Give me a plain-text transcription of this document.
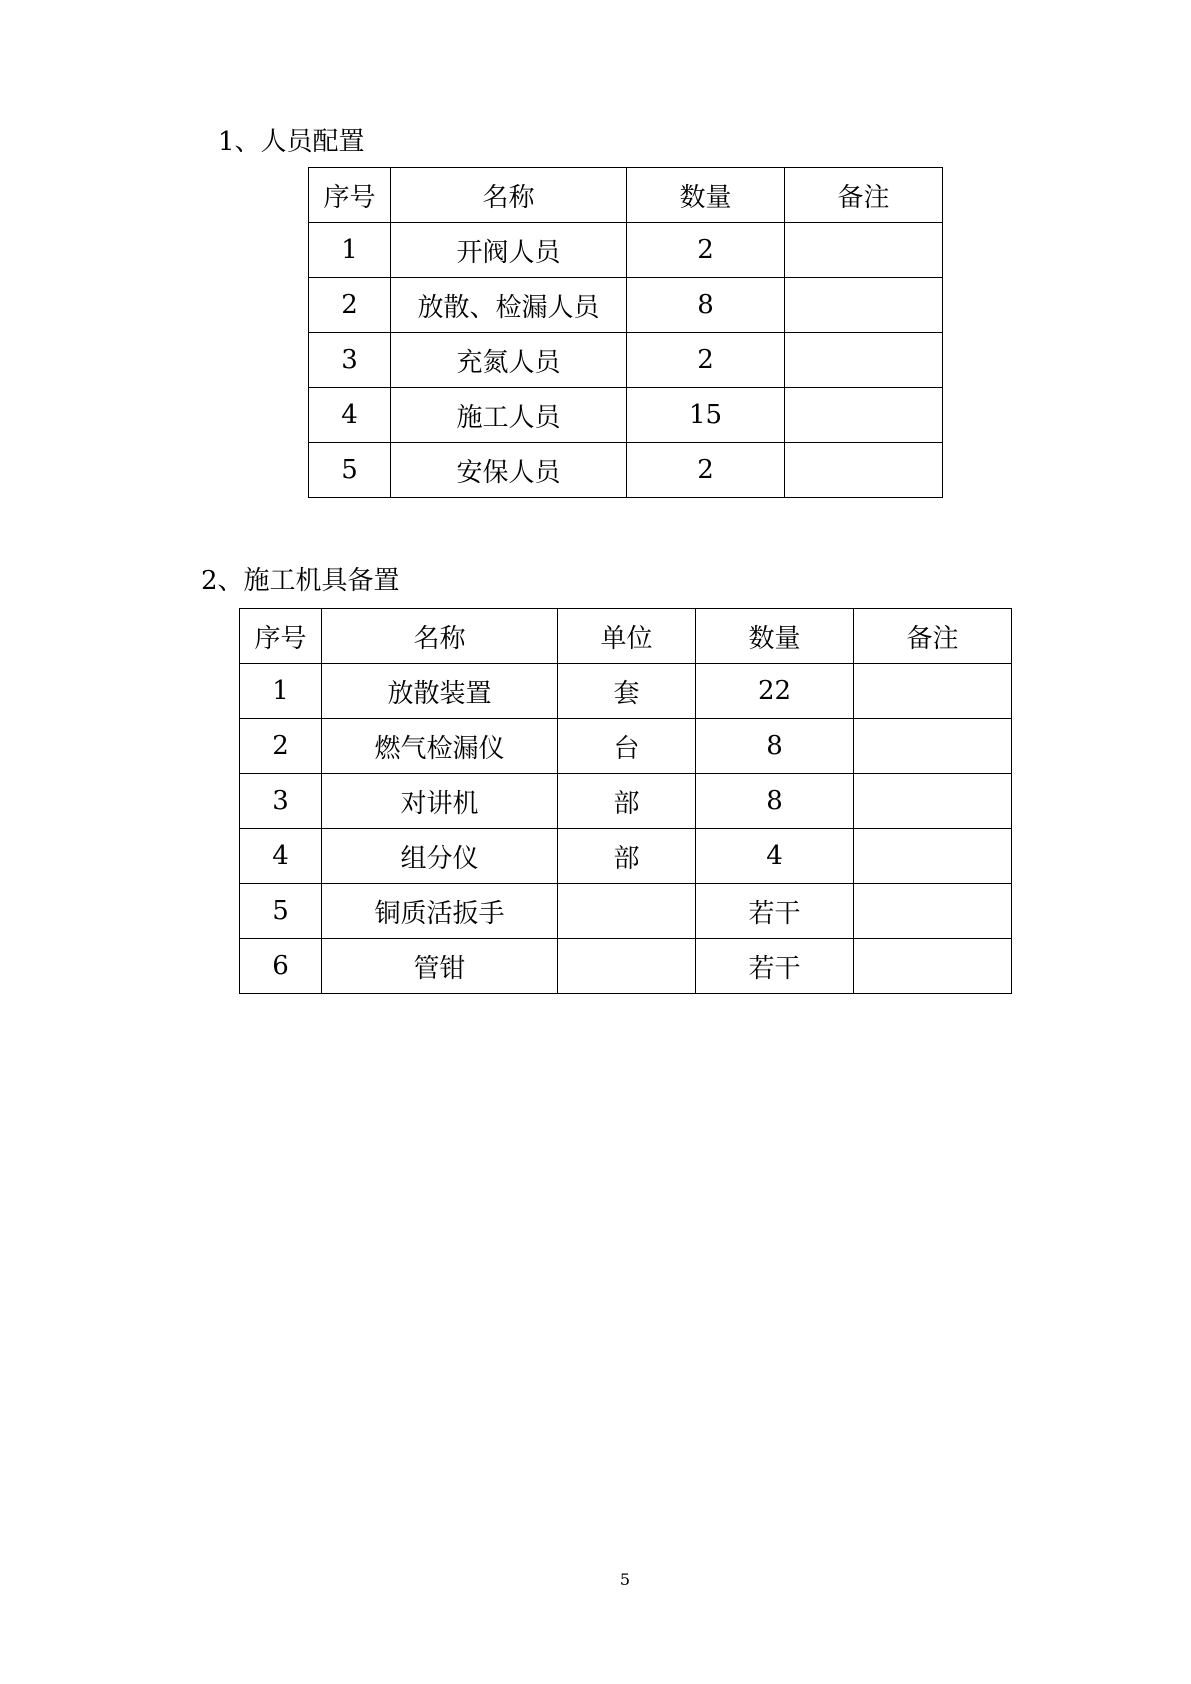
1、人员配置
序号	名称	数量	备注
1	开阀人员	2	
2	放散、检漏人员	8	
3	充氮人员	2	
4	施工人员	15	
5	安保人员	2	
2、施工机具备置
序号	名称	单位	数量	备注
1	放散装置	套	22	
2	燃气检漏仪	台	8	
3	对讲机	部	8	
4	组分仪	部	4	
5	铜质活扳手		若干	
6	管钳		若干	
5
